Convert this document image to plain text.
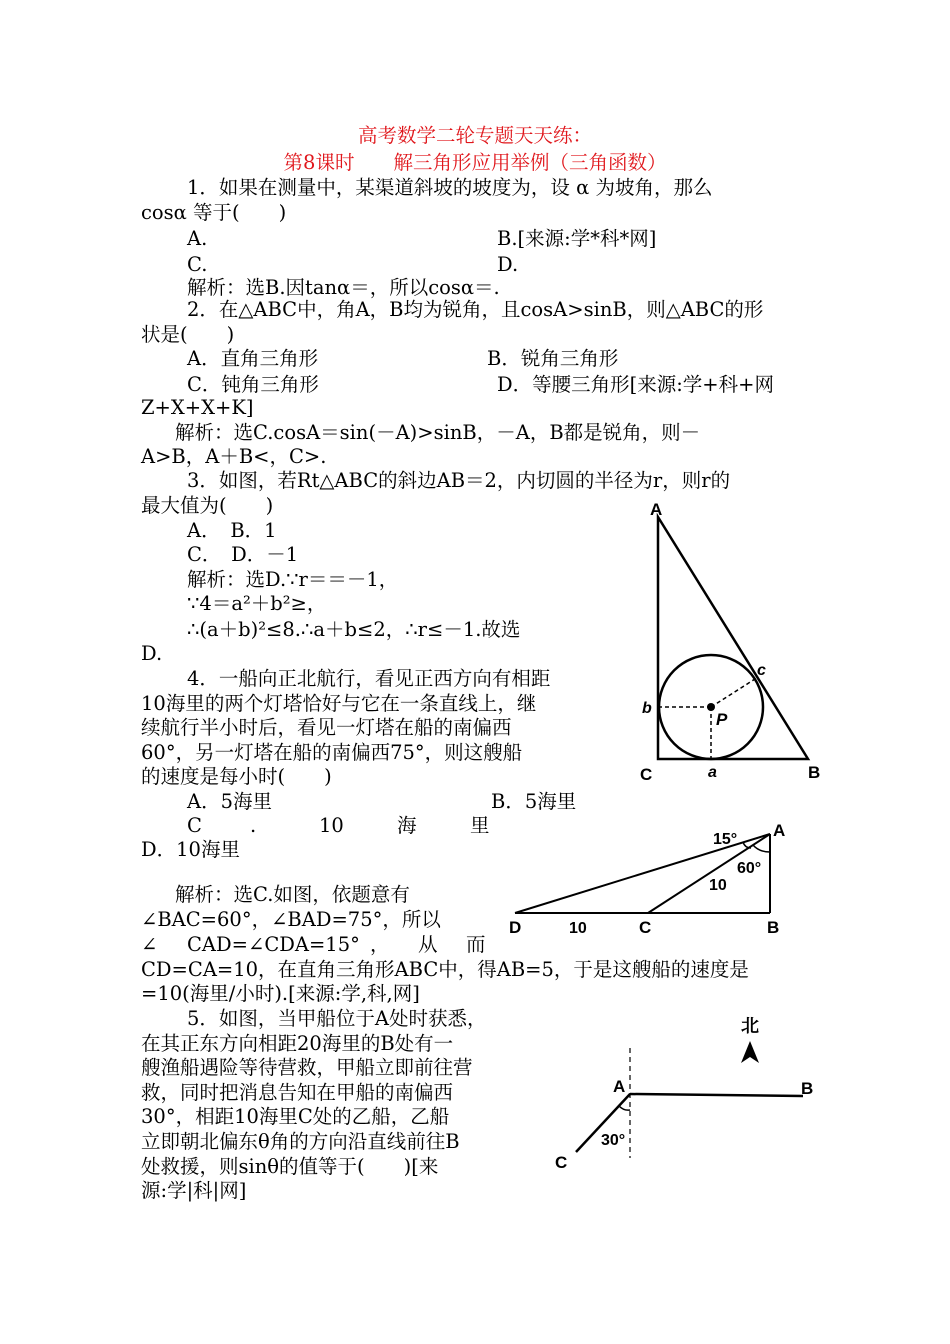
高考数学二轮专题天天练：
第8课时　　解三角形应用举例（三角函数）
1．如果在测量中，某渠道斜坡的坡度为，设 α 为坡角，那么
cosα 等于(　　)
A.	B.[来源:学*科*网]
C.	D.
解析：选B.因tanα＝，所以cosα＝.
2．在△ABC中，角A，B均为锐角，且cosA>sinB，则△ABC的形
状是(　　)
A．直角三角形	B．锐角三角形
C．钝角三角形	D．等腰三角形[来源:学+科+网
Z+X+X+K]
解析：选C.cosA＝sin(－A)>sinB，－A，B都是锐角，则－
A>B，A＋B<，C>.
3．如图，若Rt△ABC的斜边AB＝2，内切圆的半径为r，则r的
最大值为(　　)
A．　B．1
C．　D．－1
解析：选D.∵r＝＝－1，
∵4＝a²＋b²≥，
∴(a＋b)²≤8.∴a＋b≤2，∴r≤－1.故选
D.
4．一船向正北航行，看见正西方向有相距
10海里的两个灯塔恰好与它在一条直线上，继
续航行半小时后，看见一灯塔在船的南偏西
60°，另一灯塔在船的南偏西75°，则这艘船
的速度是每小时(　　)
A．5海里	B．5海里
C .	10	海	里
D．10海里
解析：选C.如图，依题意有
∠BAC=60°，∠BAD=75°，所以
∠ CAD=∠CDA=15° ， 从 而
CD=CA=10，在直角三角形ABC中，得AB=5，于是这艘船的速度是
=10(海里/小时).[来源:学,科,网]
5．如图，当甲船位于A处时获悉，
在其正东方向相距20海里的B处有一
艘渔船遇险等待营救，甲船立即前往营
救，同时把消息告知在甲船的南偏西
30°，相距10海里C处的乙船，乙船
立即朝北偏东θ角的方向沿直线前往B
处救援，则sinθ的值等于(　　)[来
源:学|科|网]
A
B
C
P
a
b
c
A
B
C
D
15°
60°
10
10
北
A	B
C
30°
